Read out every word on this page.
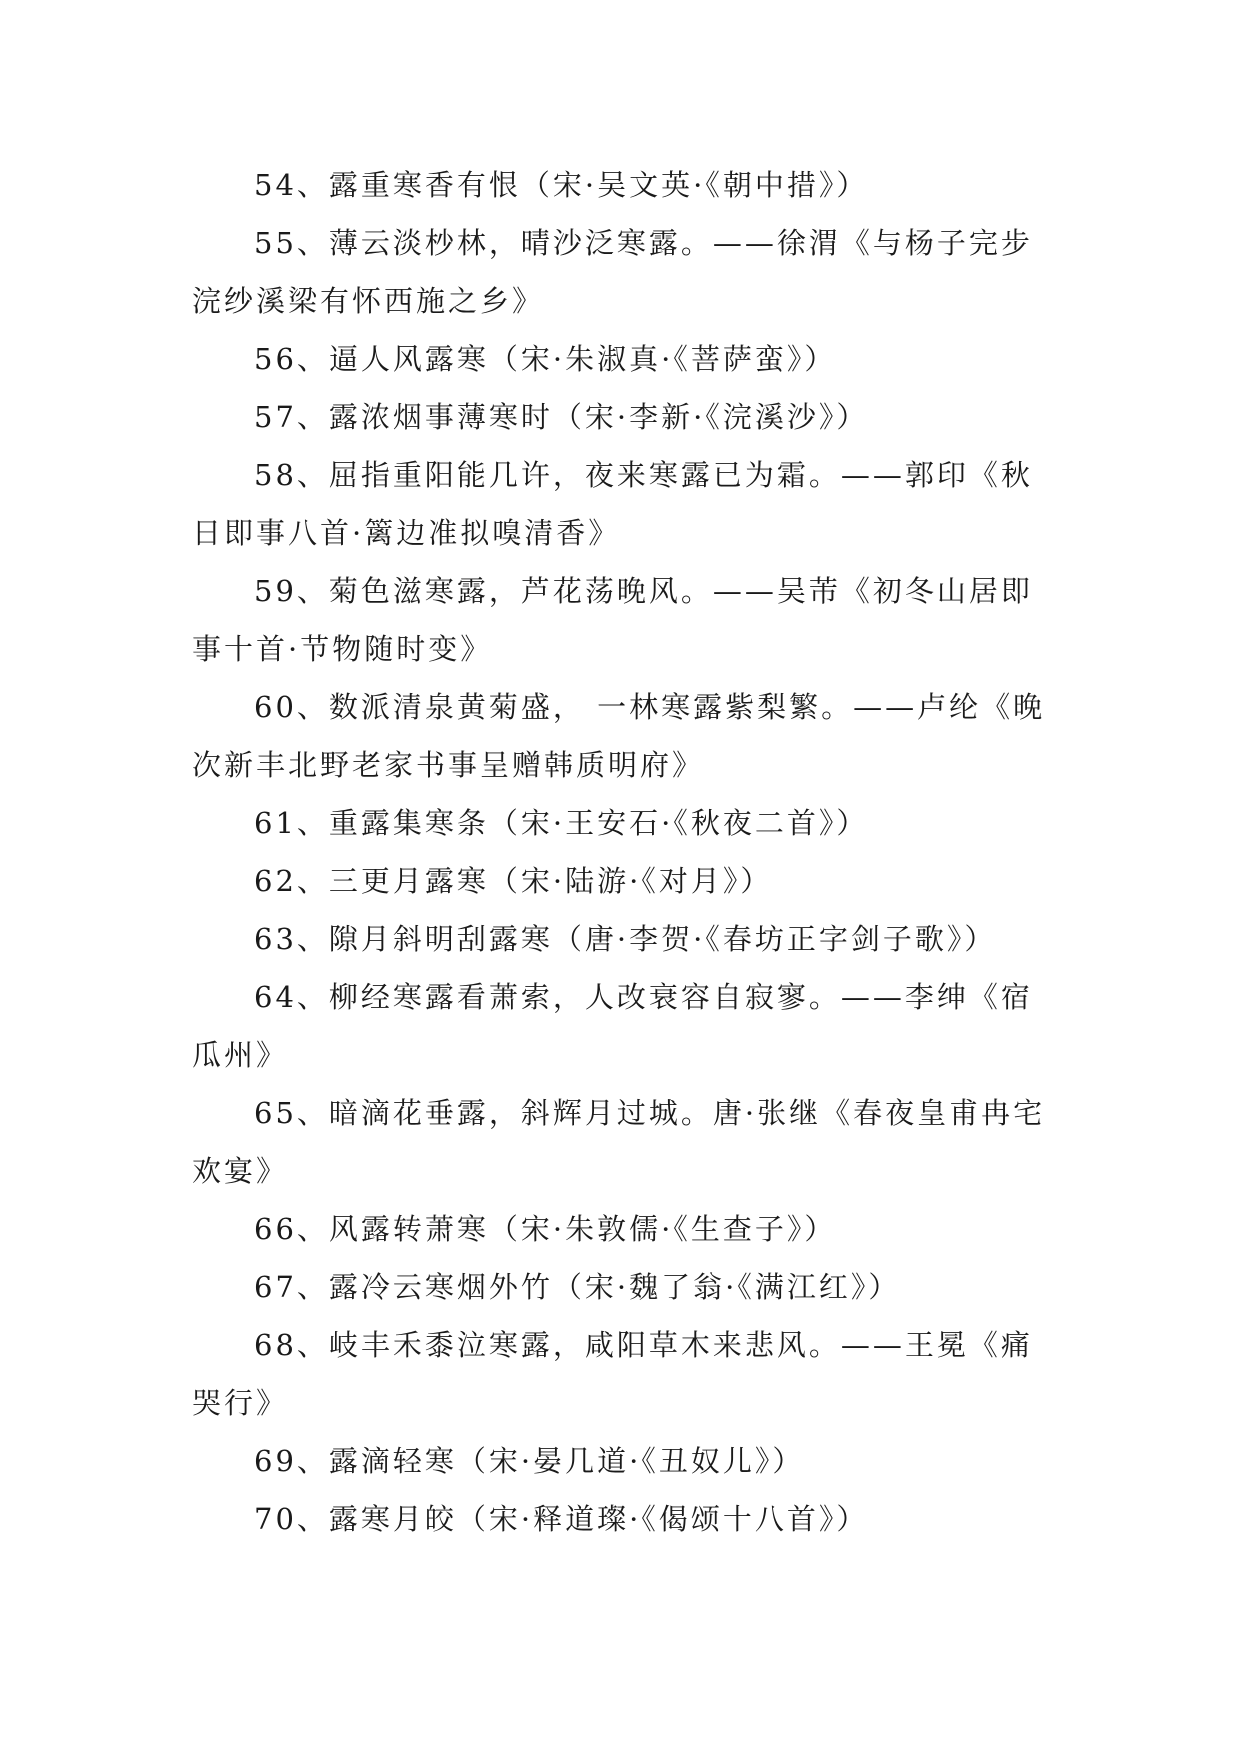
54、露重寒香有恨（宋·吴文英·《朝中措》）

55、薄云淡杪林，晴沙泛寒露。——徐渭《与杨子完步浣纱溪梁有怀西施之乡》

56、逼人风露寒（宋·朱淑真·《菩萨蛮》）

57、露浓烟事薄寒时（宋·李新·《浣溪沙》）

58、屈指重阳能几许，夜来寒露已为霜。——郭印《秋日即事八首·篱边准拟嗅清香》

59、菊色滋寒露，芦花荡晚风。——吴芾《初冬山居即事十首·节物随时变》

60、数派清泉黄菊盛， 一林寒露紫梨繁。——卢纶《晚次新丰北野老家书事呈赠韩质明府》

61、重露集寒条（宋·王安石·《秋夜二首》）

62、三更月露寒（宋·陆游·《对月》）

63、隙月斜明刮露寒（唐·李贺·《春坊正字剑子歌》）

64、柳经寒露看萧索，人改衰容自寂寥。——李绅《宿瓜州》

65、暗滴花垂露，斜辉月过城。唐·张继《春夜皇甫冉宅欢宴》

66、风露转萧寒（宋·朱敦儒·《生查子》）

67、露冷云寒烟外竹（宋·魏了翁·《满江红》）

68、岐丰禾黍泣寒露，咸阳草木来悲风。——王冕《痛哭行》

69、露滴轻寒（宋·晏几道·《丑奴儿》）

70、露寒月皎（宋·释道璨·《偈颂十八首》）
